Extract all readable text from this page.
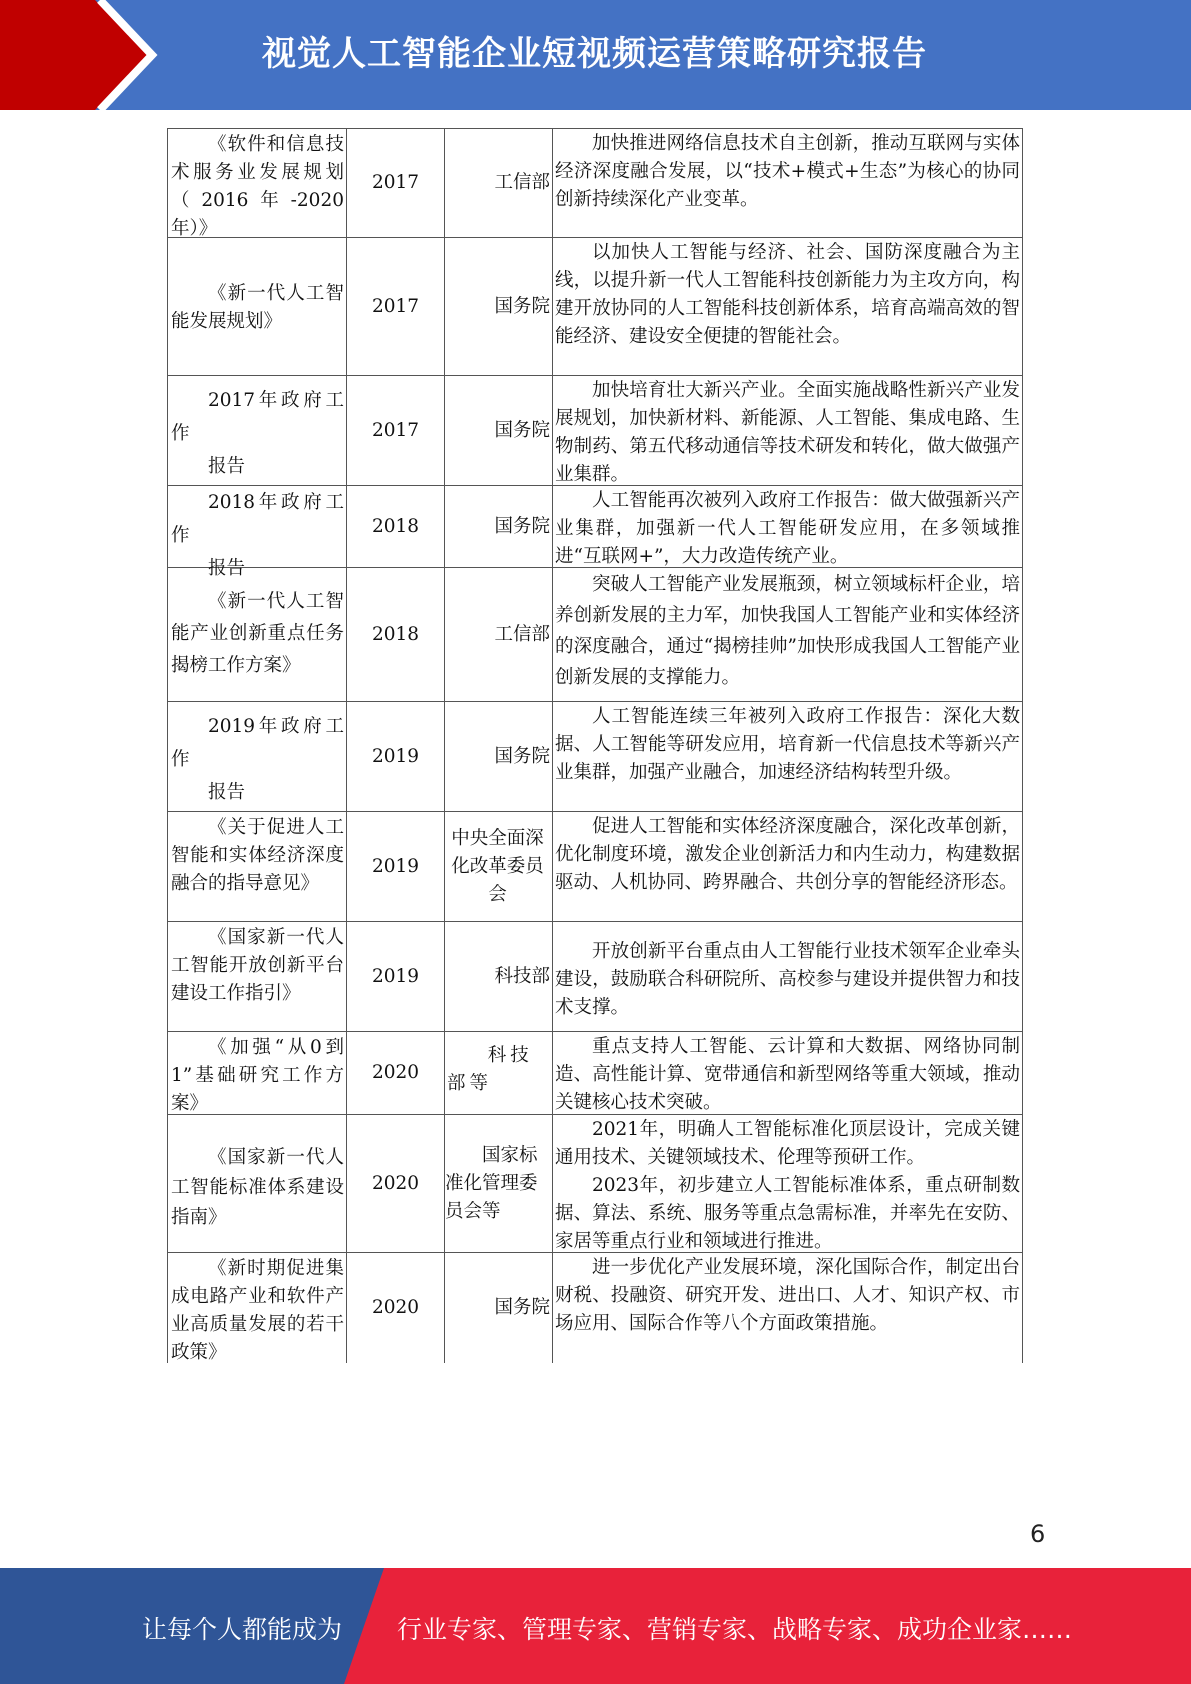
视觉人工智能企业短视频运营策略研究报告
《软件和信息技术服务业发展规划（2016年-2020年）》
2017	工信部

加快推进网络信息技术自主创新，推动互联网与实体经济深度融合发展，以“技术+模式+生态”为核心的协同创新持续深化产业变革。

《新一代人工智能发展规划》
2017	国务院

以加快人工智能与经济、社会、国防深度融合为主线，以提升新一代人工智能科技创新能力为主攻方向，构建开放协同的人工智能科技创新体系，培育高端高效的智能经济、建设安全便捷的智能社会。

2017年政府工作
报告
2017	国务院

加快培育壮大新兴产业。全面实施战略性新兴产业发展规划，加快新材料、新能源、人工智能、集成电路、生物制药、第五代移动通信等技术研发和转化，做大做强产业集群。

2018年政府工作
报告
2018	国务院

人工智能再次被列入政府工作报告：做大做强新兴产业集群，加强新一代人工智能研发应用，在多领域推进“互联网+”，大力改造传统产业。

《新一代人工智能产业创新重点任务揭榜工作方案》
2018	工信部

突破人工智能产业发展瓶颈，树立领域标杆企业，培养创新发展的主力军，加快我国人工智能产业和实体经济的深度融合，通过“揭榜挂帅”加快形成我国人工智能产业创新发展的支撑能力。

2019年政府工作
报告
2019	国务院

人工智能连续三年被列入政府工作报告：深化大数据、人工智能等研发应用，培育新一代信息技术等新兴产业集群，加强产业融合，加速经济结构转型升级。

《关于促进人工智能和实体经济深度融合的指导意见》
2019
中央全面深化改革委员会

促进人工智能和实体经济深度融合，深化改革创新，优化制度环境，激发企业创新活力和内生动力，构建数据驱动、人机协同、跨界融合、共创分享的智能经济形态。

《国家新一代人工智能开放创新平台建设工作指引》
2019	科技部

开放创新平台重点由人工智能行业技术领军企业牵头建设，鼓励联合科研院所、高校参与建设并提供智力和技术支撑。

《加强“从0到1”基础研究工作方案》
2020
科技部等

重点支持人工智能、云计算和大数据、网络协同制造、高性能计算、宽带通信和新型网络等重大领域，推动关键核心技术突破。

《国家新一代人工智能标准体系建设指南》
2020
国家标准化管理委员会等

2021年，明确人工智能标准化顶层设计，完成关键通用技术、关键领域技术、伦理等预研工作。

2023年，初步建立人工智能标准体系，重点研制数据、算法、系统、服务等重点急需标准，并率先在安防、家居等重点行业和领域进行推进。

《新时期促进集成电路产业和软件产业高质量发展的若干政策》
2020	国务院

进一步优化产业发展环境，深化国际合作，制定出台财税、投融资、研究开发、进出口、人才、知识产权、市场应用、国际合作等八个方面政策措施。

6
让每个人都能成为 行业专家、管理专家、营销专家、战略专家、成功企业家……
